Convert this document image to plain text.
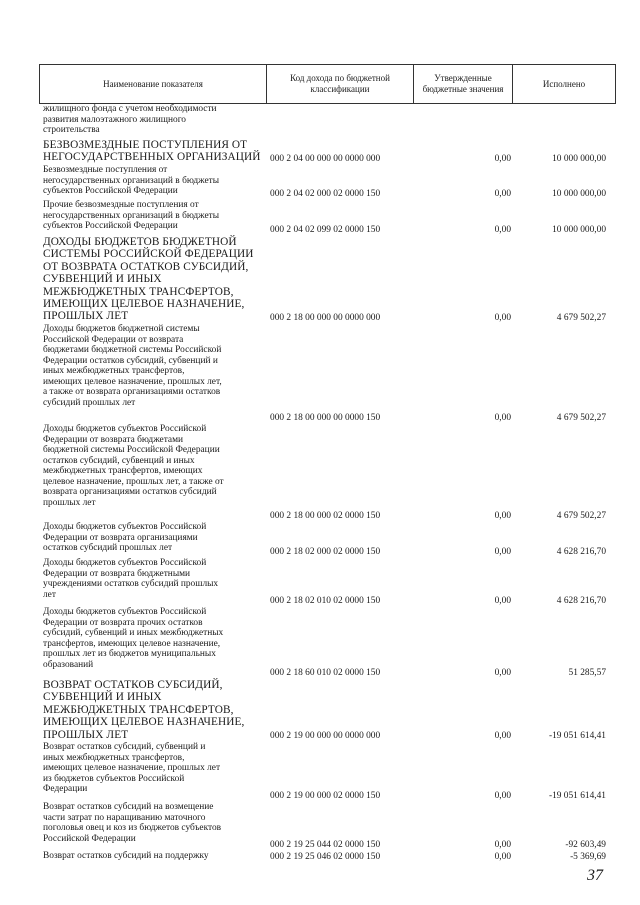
Наименование показателя	Код дохода по бюджетной классификации	Утвержденные бюджетные значения	Исполнено
жилищного фонда с учетом необходимости
развития малоэтажного жилищного
строительства
БЕЗВОЗМЕЗДНЫЕ ПОСТУПЛЕНИЯ ОТ
НЕГОСУДАРСТВЕННЫХ ОРГАНИЗАЦИЙ	000 2 04 00 000 00 0000 000	0,00	10 000 000,00
Безвозмездные поступления от
негосударственных организаций в бюджеты
субъектов Российской Федерации	000 2 04 02 000 02 0000 150	0,00	10 000 000,00
Прочие безвозмездные поступления от
негосударственных организаций в бюджеты
субъектов Российской Федерации	000 2 04 02 099 02 0000 150	0,00	10 000 000,00
ДОХОДЫ БЮДЖЕТОВ БЮДЖЕТНОЙ
СИСТЕМЫ РОССИЙСКОЙ ФЕДЕРАЦИИ
ОТ ВОЗВРАТА ОСТАТКОВ СУБСИДИЙ,
СУБВЕНЦИЙ И ИНЫХ
МЕЖБЮДЖЕТНЫХ ТРАНСФЕРТОВ,
ИМЕЮЩИХ ЦЕЛЕВОЕ НАЗНАЧЕНИЕ,
ПРОШЛЫХ ЛЕТ	000 2 18 00 000 00 0000 000	0,00	4 679 502,27
Доходы бюджетов бюджетной системы
Российской Федерации от возврата
бюджетами бюджетной системы Российской
Федерации остатков субсидий, субвенций и
иных межбюджетных трансфертов,
имеющих целевое назначение, прошлых лет,
а также от возврата организациями остатков
субсидий прошлых лет
000 2 18 00 000 00 0000 150	0,00	4 679 502,27
Доходы бюджетов субъектов Российской
Федерации от возврата бюджетами
бюджетной системы Российской Федерации
остатков субсидий, субвенций и иных
межбюджетных трансфертов, имеющих
целевое назначение, прошлых лет, а также от
возврата организациями остатков субсидий
прошлых лет
000 2 18 00 000 02 0000 150	0,00	4 679 502,27
Доходы бюджетов субъектов Российской
Федерации от возврата организациями
остатков субсидий прошлых лет	000 2 18 02 000 02 0000 150	0,00	4 628 216,70
Доходы бюджетов субъектов Российской
Федерации от возврата бюджетными
учреждениями остатков субсидий прошлых
лет
000 2 18 02 010 02 0000 150	0,00	4 628 216,70
Доходы бюджетов субъектов Российской
Федерации от возврата прочих остатков
субсидий, субвенций и иных межбюджетных
трансфертов, имеющих целевое назначение,
прошлых лет из бюджетов муниципальных
образований
000 2 18 60 010 02 0000 150	0,00	51 285,57
ВОЗВРАТ ОСТАТКОВ СУБСИДИЙ,
СУБВЕНЦИЙ И ИНЫХ
МЕЖБЮДЖЕТНЫХ ТРАНСФЕРТОВ,
ИМЕЮЩИХ ЦЕЛЕВОЕ НАЗНАЧЕНИЕ,
ПРОШЛЫХ ЛЕТ	000 2 19 00 000 00 0000 000	0,00	-19 051 614,41
Возврат остатков субсидий, субвенций и
иных межбюджетных трансфертов,
имеющих целевое назначение, прошлых лет
из бюджетов субъектов Российской
Федерации
000 2 19 00 000 02 0000 150	0,00	-19 051 614,41
Возврат остатков субсидий на возмещение
части затрат по наращиванию маточного
поголовья овец и коз из бюджетов субъектов
Российской Федерации
000 2 19 25 044 02 0000 150	0,00	-92 603,49
Возврат остатков субсидий на поддержку	000 2 19 25 046 02 0000 150	0,00	-5 369,69
37
